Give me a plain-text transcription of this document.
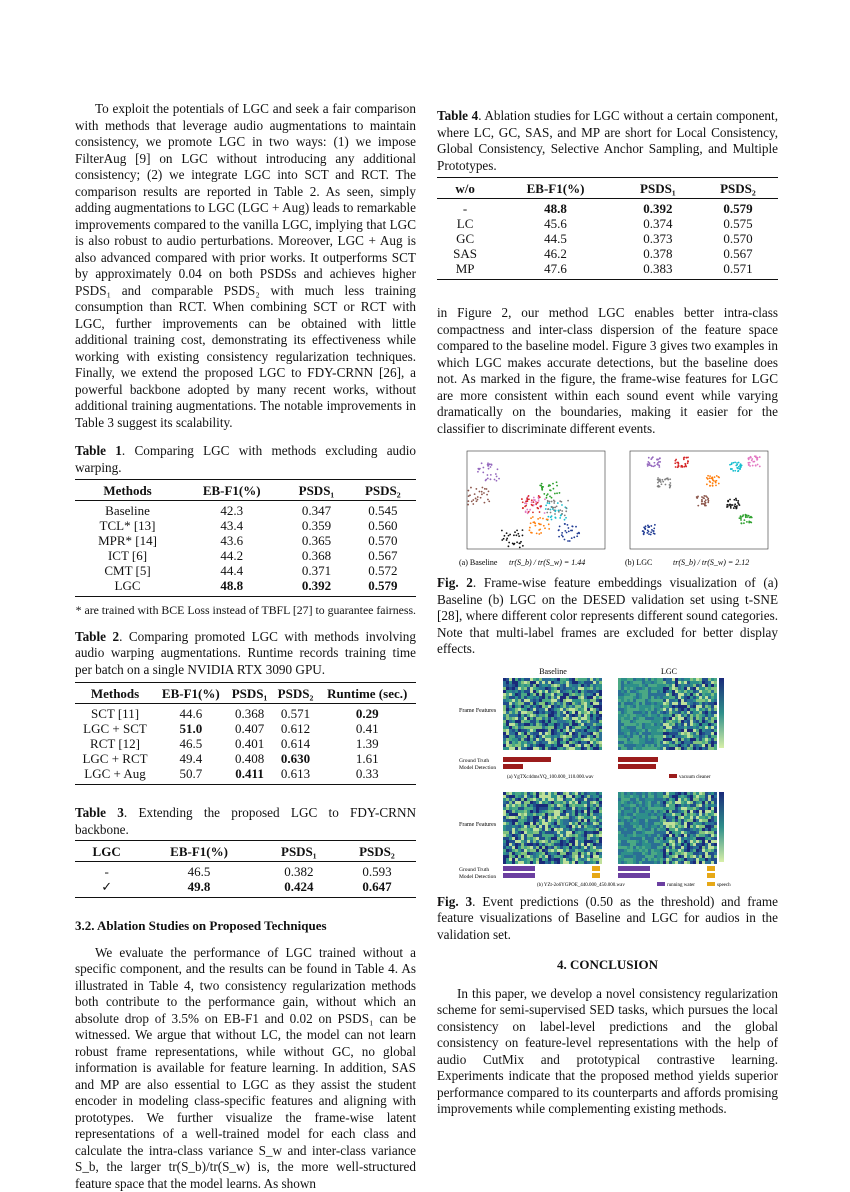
To exploit the potentials of LGC and seek a fair comparison with methods that leverage audio augmentations to maintain consistency, we promote LGC in two ways: (1) we impose FilterAug [9] on LGC without introducing any additional consistency; (2) we integrate LGC into SCT and RCT. The comparison results are reported in Table 2. As seen, simply adding augmentations to LGC (LGC + Aug) leads to remarkable improvements compared to the vanilla LGC, implying that LGC is also robust to audio perturbations. Moreover, LGC + Aug is also advanced compared with prior works. It outperforms SCT by approximately 0.04 on both PSDSs and achieves higher PSDS₁ and comparable PSDS₂ with much less training consumption than RCT. When combining SCT or RCT with LGC, further improvements can be obtained with little additional training cost, demonstrating its effectiveness while working with existing consistency regularization techniques. Finally, we extend the proposed LGC to FDY-CRNN [26], a powerful backbone adopted by many recent works, without additional training augmentations. The notable improvements in Table 3 suggest its scalability.

Table 1. Comparing LGC with methods excluding audio warping.

Methods	EB-F1(%)	PSDS₁	PSDS₂
Baseline	42.3	0.347	0.545
TCL* [13]	43.4	0.359	0.560
MPR* [14]	43.6	0.365	0.570
ICT [6]	44.2	0.368	0.567
CMT [5]	44.4	0.371	0.572
LGC	48.8	0.392	0.579
* are trained with BCE Loss instead of TBFL [27] to guarantee fairness.

Table 2. Comparing promoted LGC with methods involving audio warping augmentations. Runtime records training time per batch on a single NVIDIA RTX 3090 GPU.

Methods	EB-F1(%)	PSDS₁	PSDS₂	Runtime (sec.)
SCT [11]	44.6	0.368	0.571	0.29
LGC + SCT	51.0	0.407	0.612	0.41
RCT [12]	46.5	0.401	0.614	1.39
LGC + RCT	49.4	0.408	0.630	1.61
LGC + Aug	50.7	0.411	0.613	0.33

Table 3. Extending the proposed LGC to FDY-CRNN backbone.

LGC	EB-F1(%)	PSDS₁	PSDS₂
-	46.5	0.382	0.593
✓	49.8	0.424	0.647
3.2. Ablation Studies on Proposed Techniques

We evaluate the performance of LGC trained without a specific component, and the results can be found in Table 4. As illustrated in Table 4, two consistency regularization methods both contribute to the performance gain, without which an absolute drop of 3.5% on EB-F1 and 0.02 on PSDS₁ can be witnessed. We argue that without LC, the model can not learn robust frame representations, while without GC, no global information is available for feature learning. In addition, SAS and MP are also essential to LGC as they assist the student encoder in modeling class-specific features and aligning with prototypes. We further visualize the frame-wise latent representations of a well-trained model for each class and calculate the intra-class variance S_w and inter-class variance S_b, the larger tr(S_b)/tr(S_w) is, the more well-structured feature space that the model learns. As shown

Table 4. Ablation studies for LGC without a certain component, where LC, GC, SAS, and MP are short for Local Consistency, Global Consistency, Selective Anchor Sampling, and Multiple Prototypes.

w/o	EB-F1(%)	PSDS₁	PSDS₂
-	48.8	0.392	0.579
LC	45.6	0.374	0.575
GC	44.5	0.373	0.570
SAS	46.2	0.378	0.567
MP	47.6	0.383	0.571

in Figure 2, our method LGC enables better intra-class compactness and inter-class dispersion of the feature space compared to the baseline model. Figure 3 gives two examples in which LGC makes accurate detections, but the baseline does not. As marked in the figure, the frame-wise features for LGC are more consistent within each sound event while varying dramatically on the boundaries, making it easier for the classifier to discriminate different events.

(a) Baseline tr(S_b) / tr(S_w) = 1.44	(b) LGC	tr(S_b) / tr(S_w) = 2.12

Fig. 2. Frame-wise feature embeddings visualization of (a) Baseline (b) LGC on the DESED validation set using t-SNE [28], where different color represents different sound categories. Note that multi-label frames are excluded for better display effects.

Baseline	LGC
Frame Features
Frame Features
Ground Truth
Model Detection
Ground Truth
Model Detection
(a) YgTXc4dmsYQ_100.000_110.000.wav	vacuum cleaner
(b) YZt-2o6YGPOE_440.000_450.000.wav	running water	speech

Fig. 3. Event predictions (0.50 as the threshold) and frame feature visualizations of Baseline and LGC for audios in the validation set.

4. CONCLUSION

In this paper, we develop a novel consistency regularization scheme for semi-supervised SED tasks, which pursues the local consistency on label-level predictions and the global consistency on feature-level representations with the help of audio CutMix and prototypical contrastive learning. Experiments indicate that the proposed method yields superior performance compared to its counterparts and affords promising improvements while complementing existing methods.
